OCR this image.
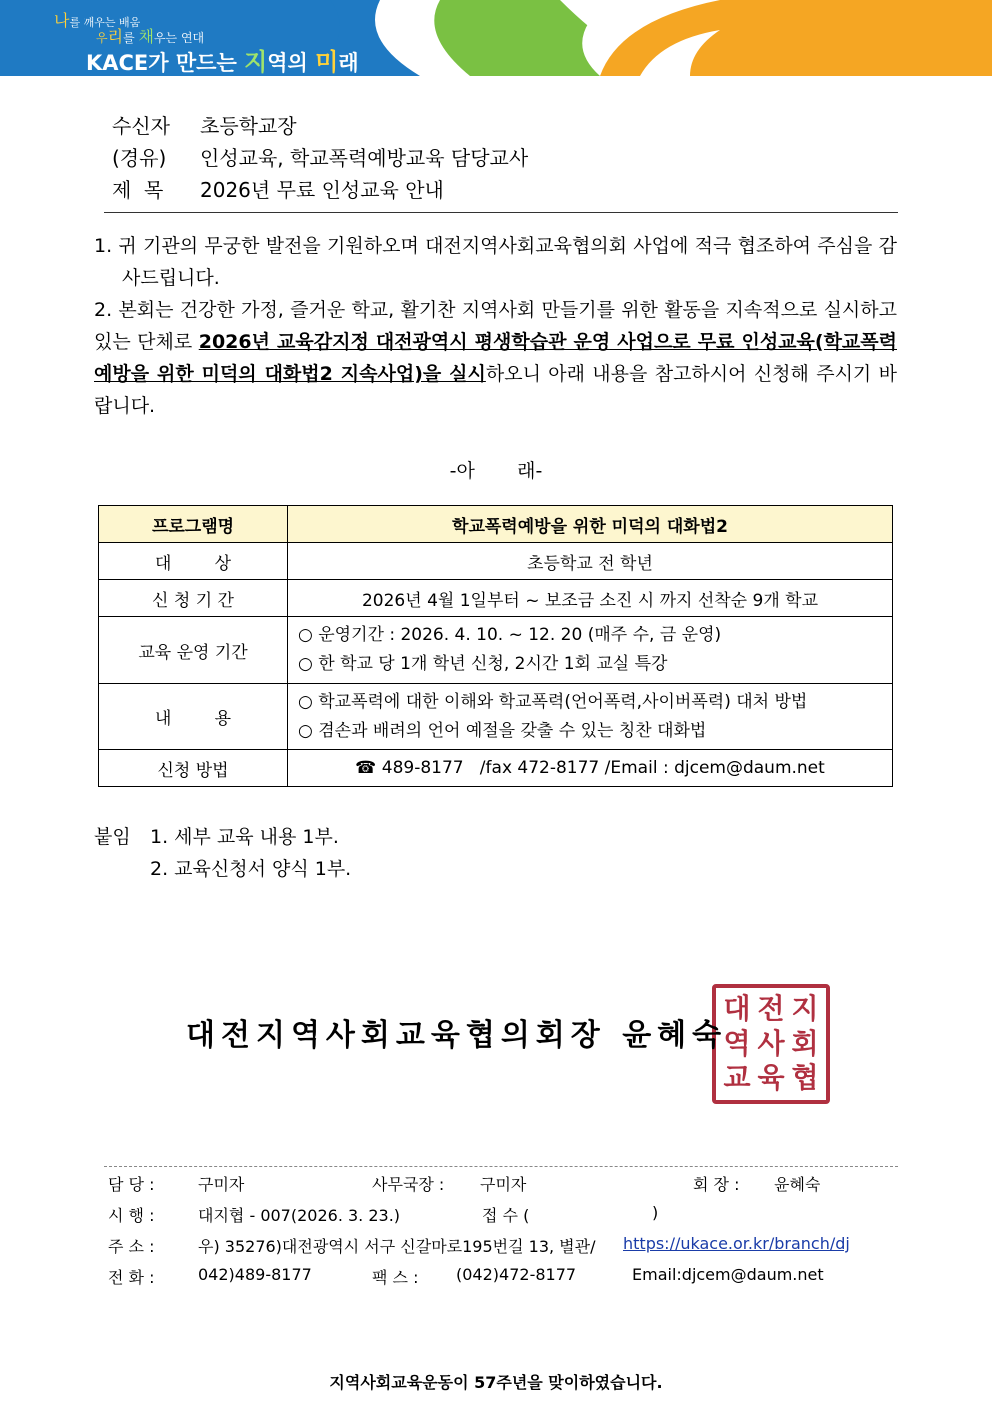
나를 깨우는 배움
우리를 채우는 연대
KACE가 만드는 지역의 미래
수신자 초등학교장
(경유) 인성교육, 학교폭력예방교육 담당교사
제  목 2026년 무료 인성교육 안내
1. 귀 기관의 무궁한 발전을 기원하오며 대전지역사회교육협의회 사업에 적극 협조하여 주심을 감사드립니다.
2. 본회는 건강한 가정, 즐거운 학교, 활기찬 지역사회 만들기를 위한 활동을 지속적으로 실시하고 있는 단체로 2026년 교육감지정 대전광역시 평생학습관 운영 사업으로 무료 인성교육(학교폭력예방을 위한 미덕의 대화법2 지속사업)을 실시하오니 아래 내용을 참고하시어 신청해 주시기 바랍니다.
-아       래-
프로그램명	학교폭력예방을 위한 미덕의 대화법2
대        상	초등학교 전 학년
신 청 기 간	2026년 4월 1일부터 ~ 보조금 소진 시 까지 선착순 9개 학교
교육 운영 기간	○ 운영기간 : 2026. 4. 10. ~ 12. 20 (매주 수, 금 운영)
○ 한 학교 당 1개 학년 신청, 2시간 1회 교실 특강

내        용	○ 학교폭력에 대한 이해와 학교폭력(언어폭력,사이버폭력) 대처 방법
○ 겸손과 배려의 언어 예절을 갖출 수 있는 칭찬 대화법

신청 방법	☎ 489-8177   /fax 472-8177 /Email : djcem@daum.net
붙임 1. 세부 교육 내용 1부.
2. 교육신청서 양식 1부.
대 전 지
역 사 회
교 육 협
대전지역사회교육협의회장 윤혜숙
담 당 :	구미자	사무국장 : 구미자	회 장 : 윤혜숙
시 행 :	대지협 - 007(2026. 3. 23.)	접 수 (	)
주 소 :	우) 35276)대전광역시 서구 신갈마로195번길 13, 별관/ https://ukace.or.kr/branch/dj
전 화 :	042)489-8177	팩 스 : (042)472-8177	Email:djcem@daum.net
지역사회교육운동이 57주년을 맞이하였습니다.
